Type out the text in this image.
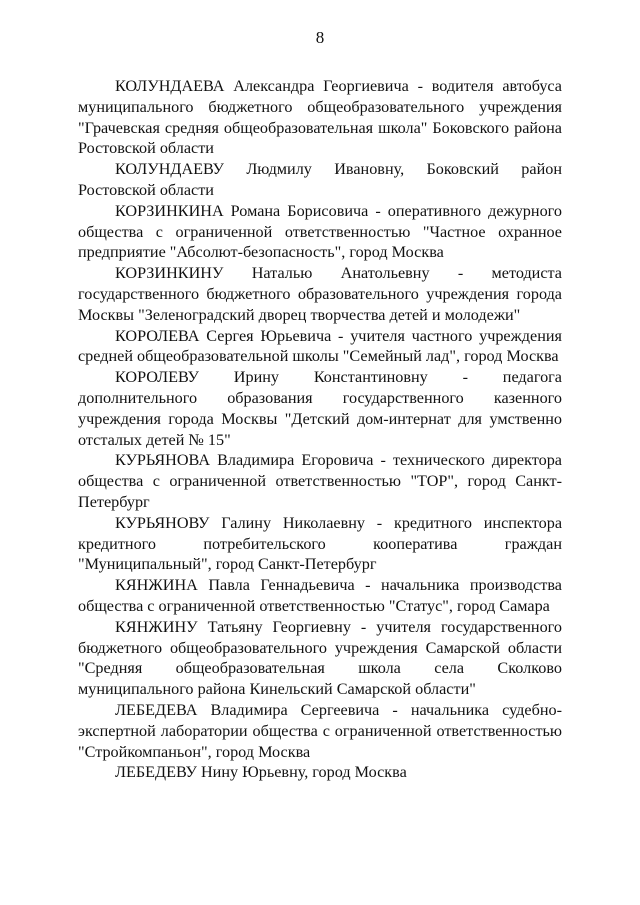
8

КОЛУНДАЕВА Александра Георгиевича - водителя автобуса муниципального бюджетного общеобразовательного учреждения "Грачевская средняя общеобразовательная школа" Боковского района Ростовской области

КОЛУНДАЕВУ Людмилу Ивановну, Боковский район Ростовской области

КОРЗИНКИНА Романа Борисовича - оперативного дежурного общества с ограниченной ответственностью "Частное охранное предприятие "Абсолют-безопасность", город Москва

КОРЗИНКИНУ Наталью Анатольевну - методиста государственного бюджетного образовательного учреждения города Москвы "Зеленоградский дворец творчества детей и молодежи"

КОРОЛЕВА Сергея Юрьевича - учителя частного учреждения средней общеобразовательной школы "Семейный лад", город Москва

КОРОЛЕВУ Ирину Константиновну - педагога дополнительного образования государственного казенного учреждения города Москвы "Детский дом-интернат для умственно отсталых детей № 15"

КУРЬЯНОВА Владимира Егоровича - технического директора общества с ограниченной ответственностью "ТОР", город Санкт-Петербург

КУРЬЯНОВУ Галину Николаевну - кредитного инспектора кредитного потребительского кооператива граждан "Муниципальный", город Санкт-Петербург

КЯНЖИНА Павла Геннадьевича - начальника производства общества с ограниченной ответственностью "Статус", город Самара

КЯНЖИНУ Татьяну Георгиевну - учителя государственного бюджетного общеобразовательного учреждения Самарской области "Средняя общеобразовательная школа села Сколково муниципального района Кинельский Самарской области"

ЛЕБЕДЕВА Владимира Сергеевича - начальника судебно-экспертной лаборатории общества с ограниченной ответственностью "Стройкомпаньон", город Москва

ЛЕБЕДЕВУ Нину Юрьевну, город Москва
